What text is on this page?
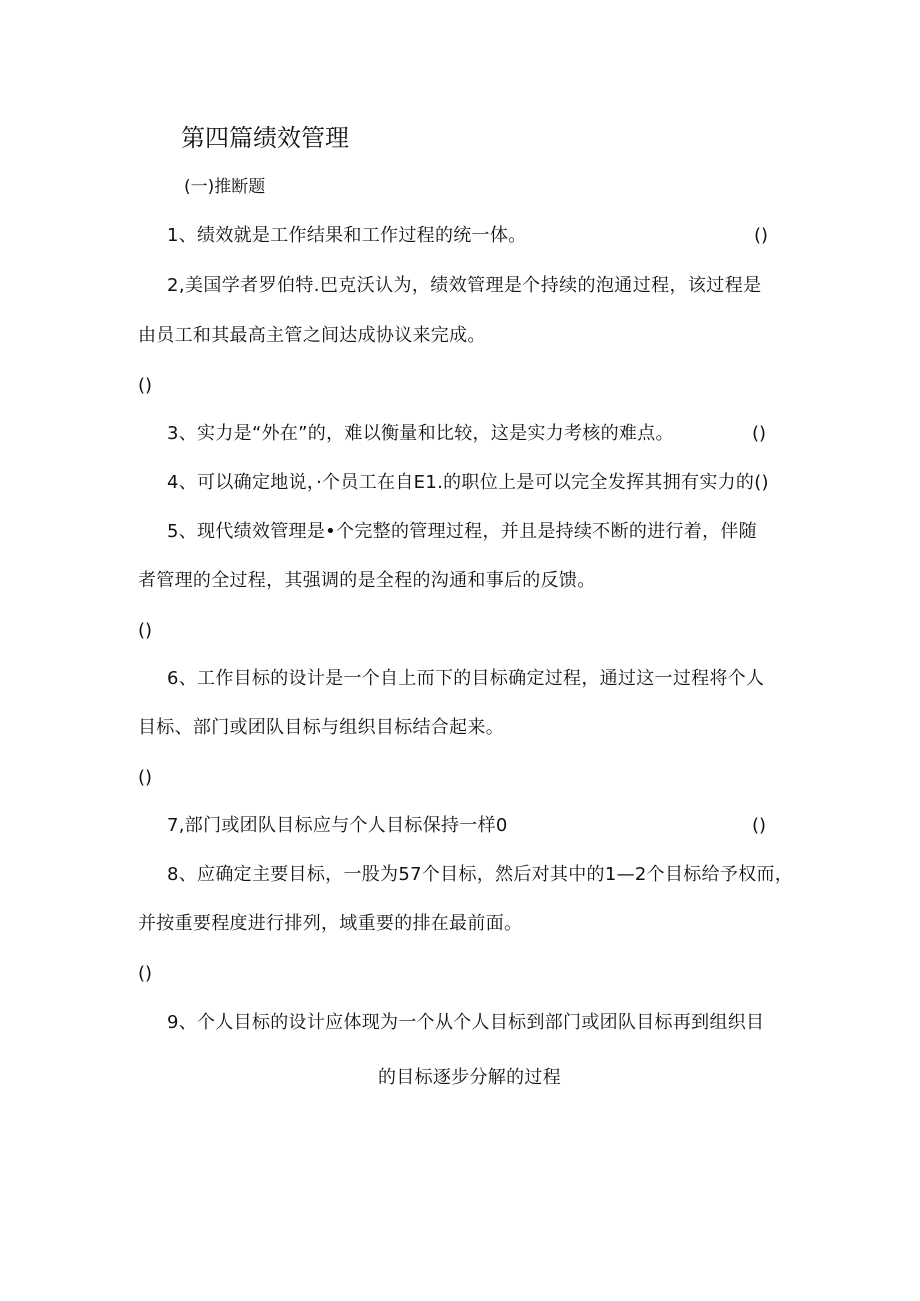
第四篇绩效管理
(一)推断题
1、绩效就是工作结果和工作过程的统一体。	()
2,美国学者罗伯特.巴克沃认为，绩效管理是个持续的泡通过程，该过程是
由员工和其最高主管之间达成协议来完成。
()
3、实力是“外在”的，难以衡量和比较，这是实力考核的难点。	()
4、可以确定地说，·个员工在自E1.的职位上是可以完全发挥其拥有实力的()
5、现代绩效管理是•个完整的管理过程，并且是持续不断的进行着，伴随
者管理的全过程，其强调的是全程的沟通和事后的反馈。
()
6、工作目标的设计是一个自上而下的目标确定过程，通过这一过程将个人
目标、部门或团队目标与组织目标结合起来。
()
7,部门或团队目标应与个人目标保持一样0	()
8、应确定主要目标，一股为57个目标，然后对其中的1—2个目标给予权而，
并按重要程度进行排列，域重要的排在最前面。
()
9、个人目标的设计应体现为一个从个人目标到部门或团队目标再到组织目
的目标逐步分解的过程
